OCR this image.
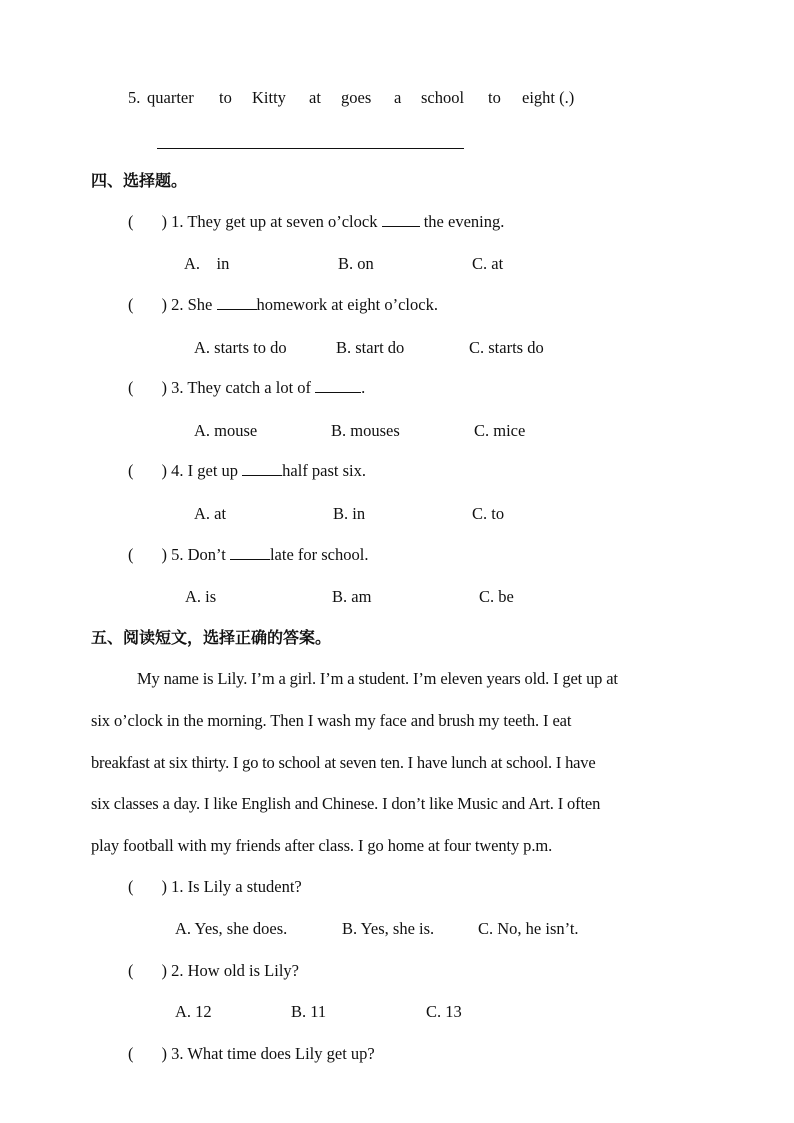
5. quarter to Kitty at goes a school to eight (.)
四、选择题。
( ) 1. They get up at seven o’clock  the evening.
A.    in	B. on	C. at
( ) 2. She homework at eight o’clock.
A. starts to do	B. start do	C. starts do
( ) 3. They catch a lot of	.
A. mouse	B. mouses	C. mice
( ) 4. I get up half past six.
A. at	B. in	C. to
( ) 5. Don’t late for school.
A. is	B. am	C. be
五、阅读短文，选择正确的答案。
My name is Lily. I’m a girl. I’m a student. I’m eleven years old. I get up at
six o’clock in the morning. Then I wash my face and brush my teeth. I eat
breakfast at six thirty. I go to school at seven ten. I have lunch at school. I have
six classes a day. I like English and Chinese. I don’t like Music and Art. I often
play football with my friends after class. I go home at four twenty p.m.
( ) 1. Is Lily a student?
A. Yes, she does.	B. Yes, she is.	C. No, he isn’t.
( ) 2. How old is Lily?
A. 12	B. 11	C. 13
( ) 3. What time does Lily get up?
